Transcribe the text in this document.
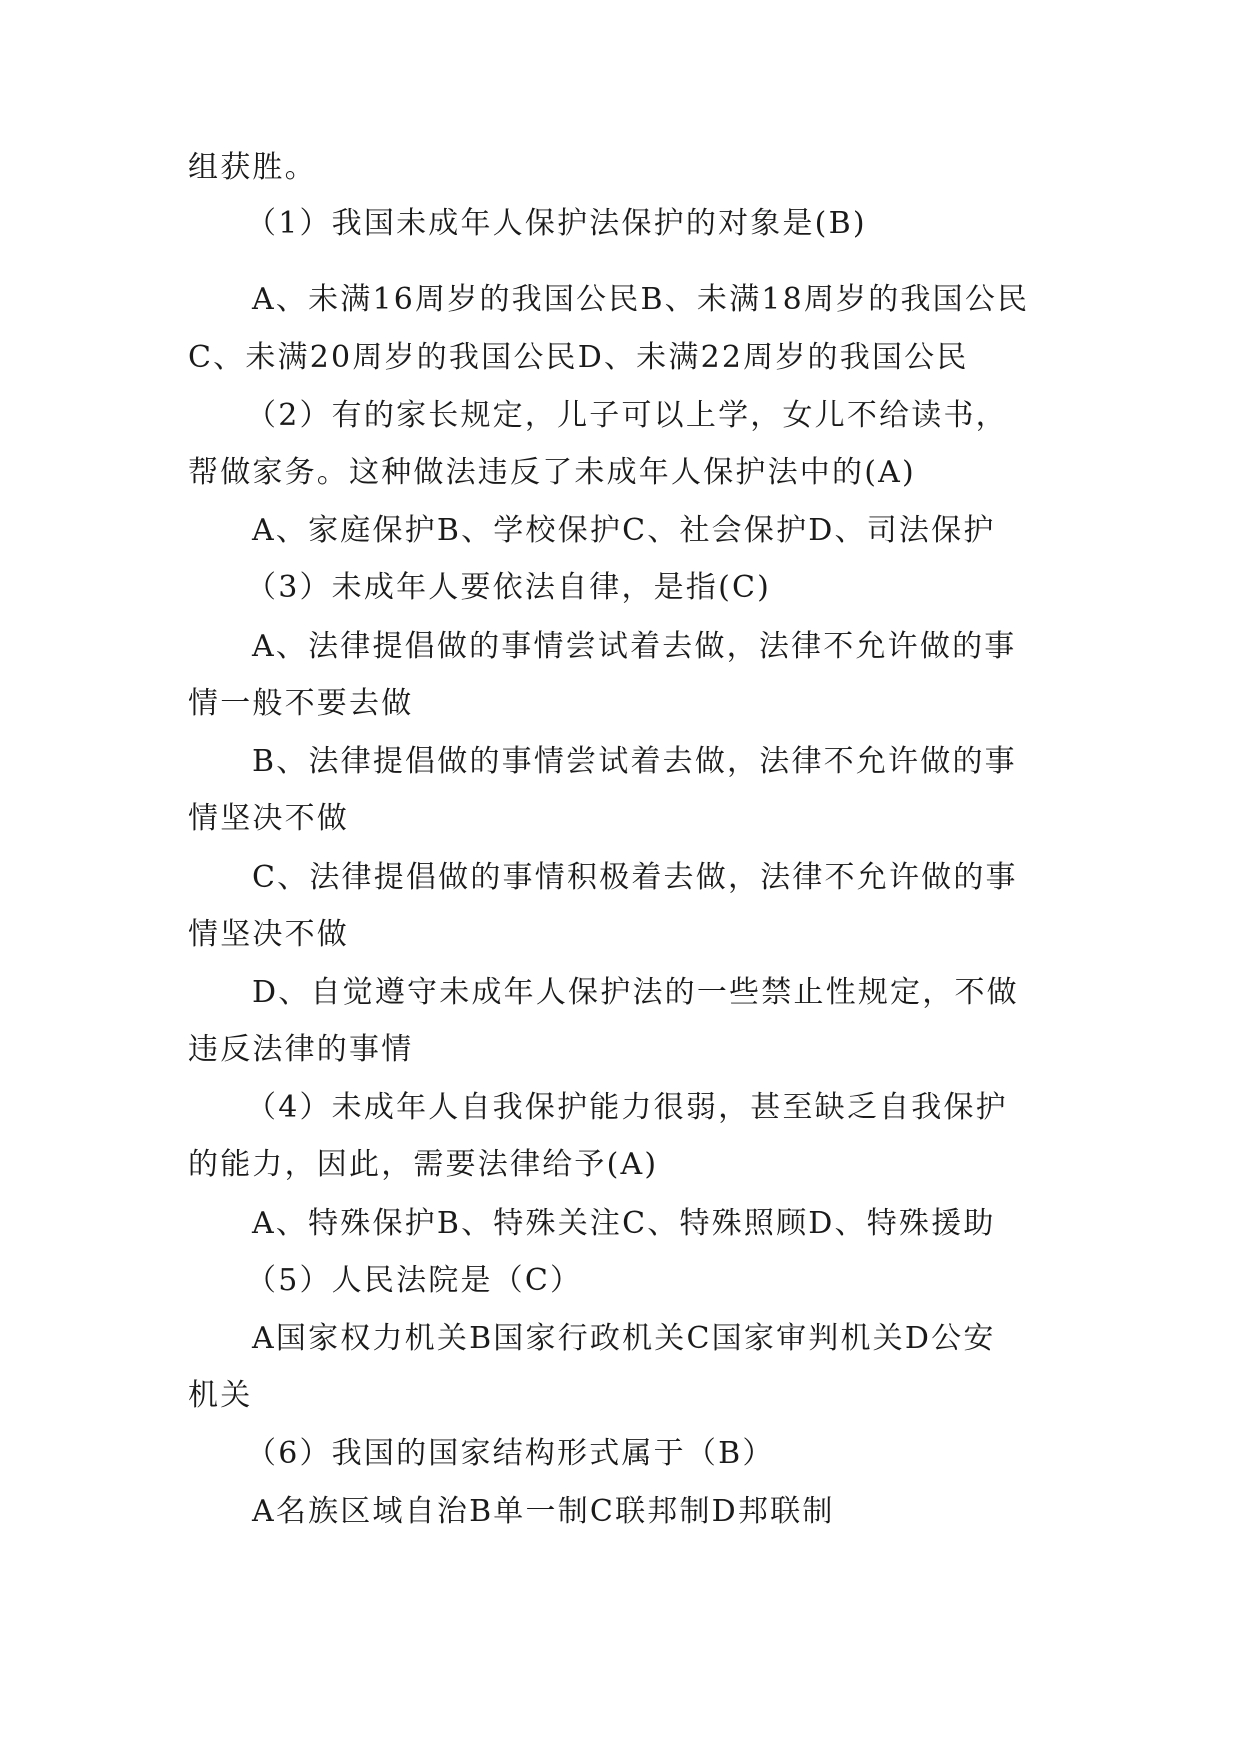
组获胜。
（1）我国未成年人保护法保护的对象是(B)
A、未满16周岁的我国公民B、未满18周岁的我国公民
C、未满20周岁的我国公民D、未满22周岁的我国公民
（2）有的家长规定，儿子可以上学，女儿不给读书，
帮做家务。这种做法违反了未成年人保护法中的(A)
A、家庭保护B、学校保护C、社会保护D、司法保护
（3）未成年人要依法自律，是指(C)
A、法律提倡做的事情尝试着去做，法律不允许做的事
情一般不要去做
B、法律提倡做的事情尝试着去做，法律不允许做的事
情坚决不做
C、法律提倡做的事情积极着去做，法律不允许做的事
情坚决不做
D、自觉遵守未成年人保护法的一些禁止性规定，不做
违反法律的事情
（4）未成年人自我保护能力很弱，甚至缺乏自我保护
的能力，因此，需要法律给予(A)
A、特殊保护B、特殊关注C、特殊照顾D、特殊援助
（5）人民法院是（C）
A国家权力机关B国家行政机关C国家审判机关D公安
机关
（6）我国的国家结构形式属于（B）
A名族区域自治B单一制C联邦制D邦联制
